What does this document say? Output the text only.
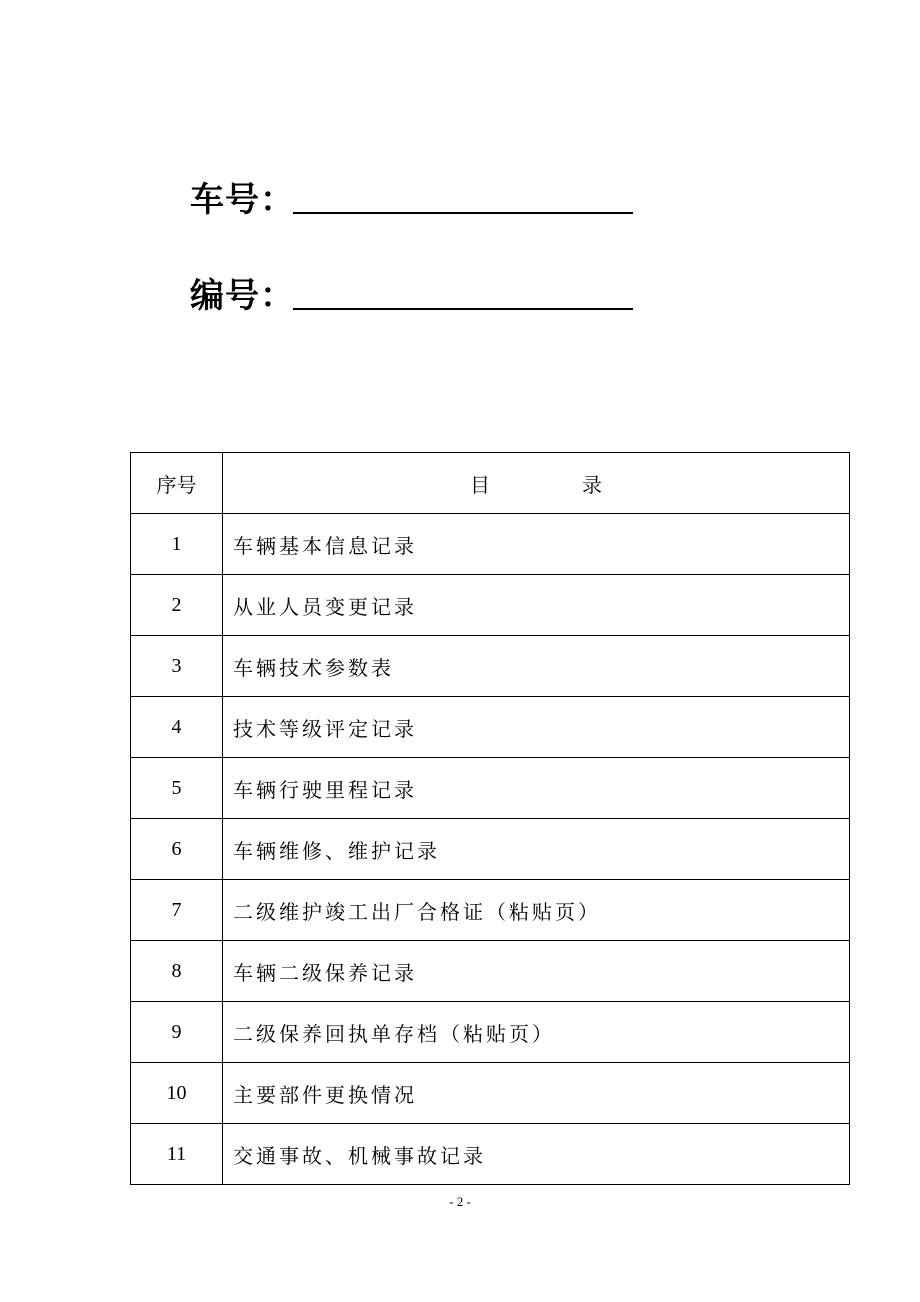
车号：
编号：
序号	目 录
1	车辆基本信息记录
2	从业人员变更记录
3	车辆技术参数表
4	技术等级评定记录
5	车辆行驶里程记录
6	车辆维修、维护记录
7	二级维护竣工出厂合格证（粘贴页）
8	车辆二级保养记录
9	二级保养回执单存档（粘贴页）
10	主要部件更换情况
11	交通事故、机械事故记录
- 2 -
